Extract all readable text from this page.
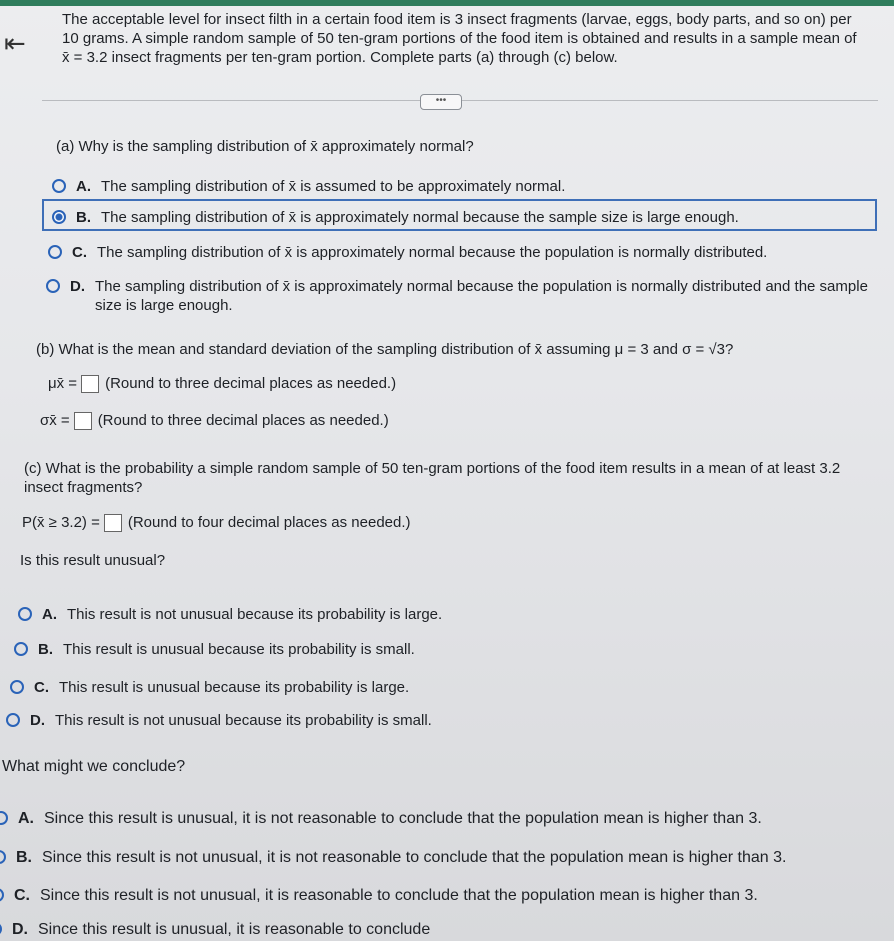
⇤
The acceptable level for insect filth in a certain food item is 3 insect fragments (larvae, eggs, body parts, and so on) per 10 grams. A simple random sample of 50 ten-gram portions of the food item is obtained and results in a sample mean of x̄ = 3.2 insect fragments per ten-gram portion. Complete parts (a) through (c) below.
•••
(a) Why is the sampling distribution of x̄ approximately normal?
A. The sampling distribution of x̄ is assumed to be approximately normal.
B. The sampling distribution of x̄ is approximately normal because the sample size is large enough.
C. The sampling distribution of x̄ is approximately normal because the population is normally distributed.
D. The sampling distribution of x̄ is approximately normal because the population is normally distributed and the sample size is large enough.
(b) What is the mean and standard deviation of the sampling distribution of x̄ assuming μ = 3 and σ = √3?
μx̄ = (Round to three decimal places as needed.)
σx̄ = (Round to three decimal places as needed.)
(c) What is the probability a simple random sample of 50 ten-gram portions of the food item results in a mean of at least 3.2 insect fragments?
P(x̄ ≥ 3.2) = (Round to four decimal places as needed.)
Is this result unusual?
A. This result is not unusual because its probability is large.
B. This result is unusual because its probability is small.
C. This result is unusual because its probability is large.
D. This result is not unusual because its probability is small.
What might we conclude?
A. Since this result is unusual, it is not reasonable to conclude that the population mean is higher than 3.
B. Since this result is not unusual, it is not reasonable to conclude that the population mean is higher than 3.
C. Since this result is not unusual, it is reasonable to conclude that the population mean is higher than 3.
D. Since this result is unusual, it is reasonable to conclude
